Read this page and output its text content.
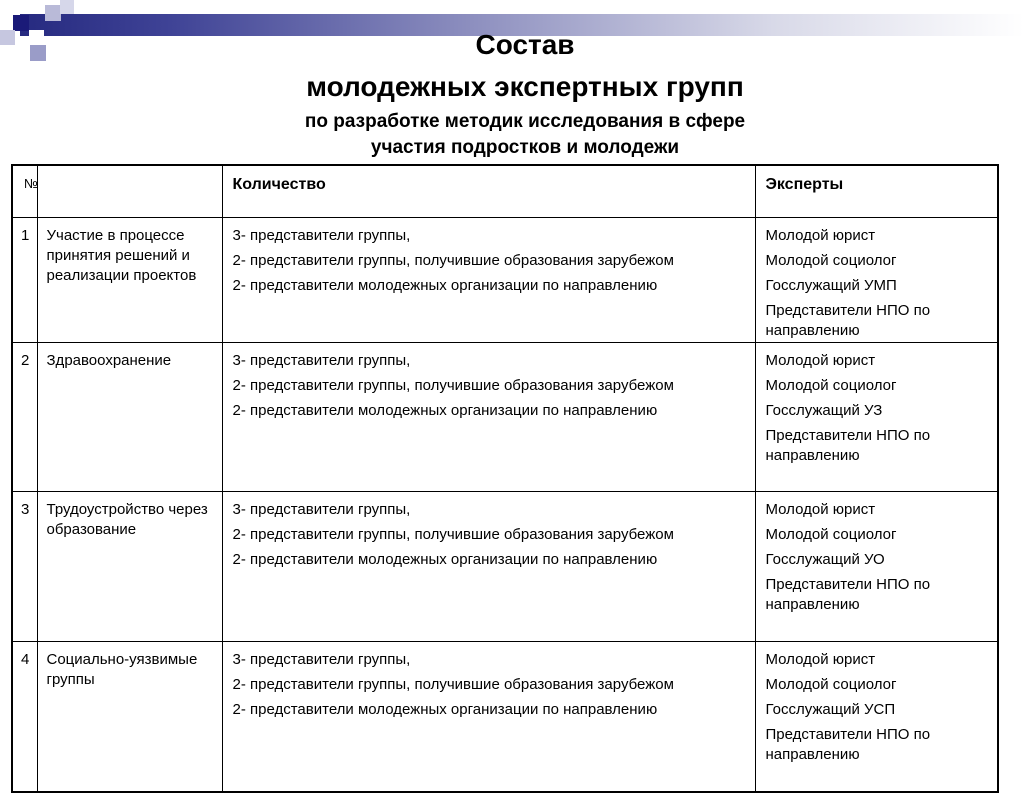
Состав
молодежных экспертных групп
по разработке методик исследования в сфере
участия подростков и молодежи
№		Количество	Эксперты
1	Участие в процессе принятия решений и реализации проектов	3- представители группы,
2- представители группы, получившие образования зарубежом
2- представители молодежных организации по направлению	Молодой юрист
Молодой социолог
Госслужащий УМП
Представители НПО по направлению

2	Здравоохранение	3- представители группы,
2- представители группы, получившие образования зарубежом
2- представители молодежных организации по направлению	Молодой юрист
Молодой социолог
Госслужащий УЗ
Представители НПО по направлению

3	Трудоустройство через образование	3- представители группы,
2- представители группы, получившие образования зарубежом
2- представители молодежных организации по направлению	Молодой юрист
Молодой социолог
Госслужащий УО
Представители НПО по направлению

4	Социально-уязвимые группы	3- представители группы,
2- представители группы, получившие образования зарубежом
2- представители молодежных организации по направлению	Молодой юрист
Молодой социолог
Госслужащий УСП
Представители НПО по направлению
